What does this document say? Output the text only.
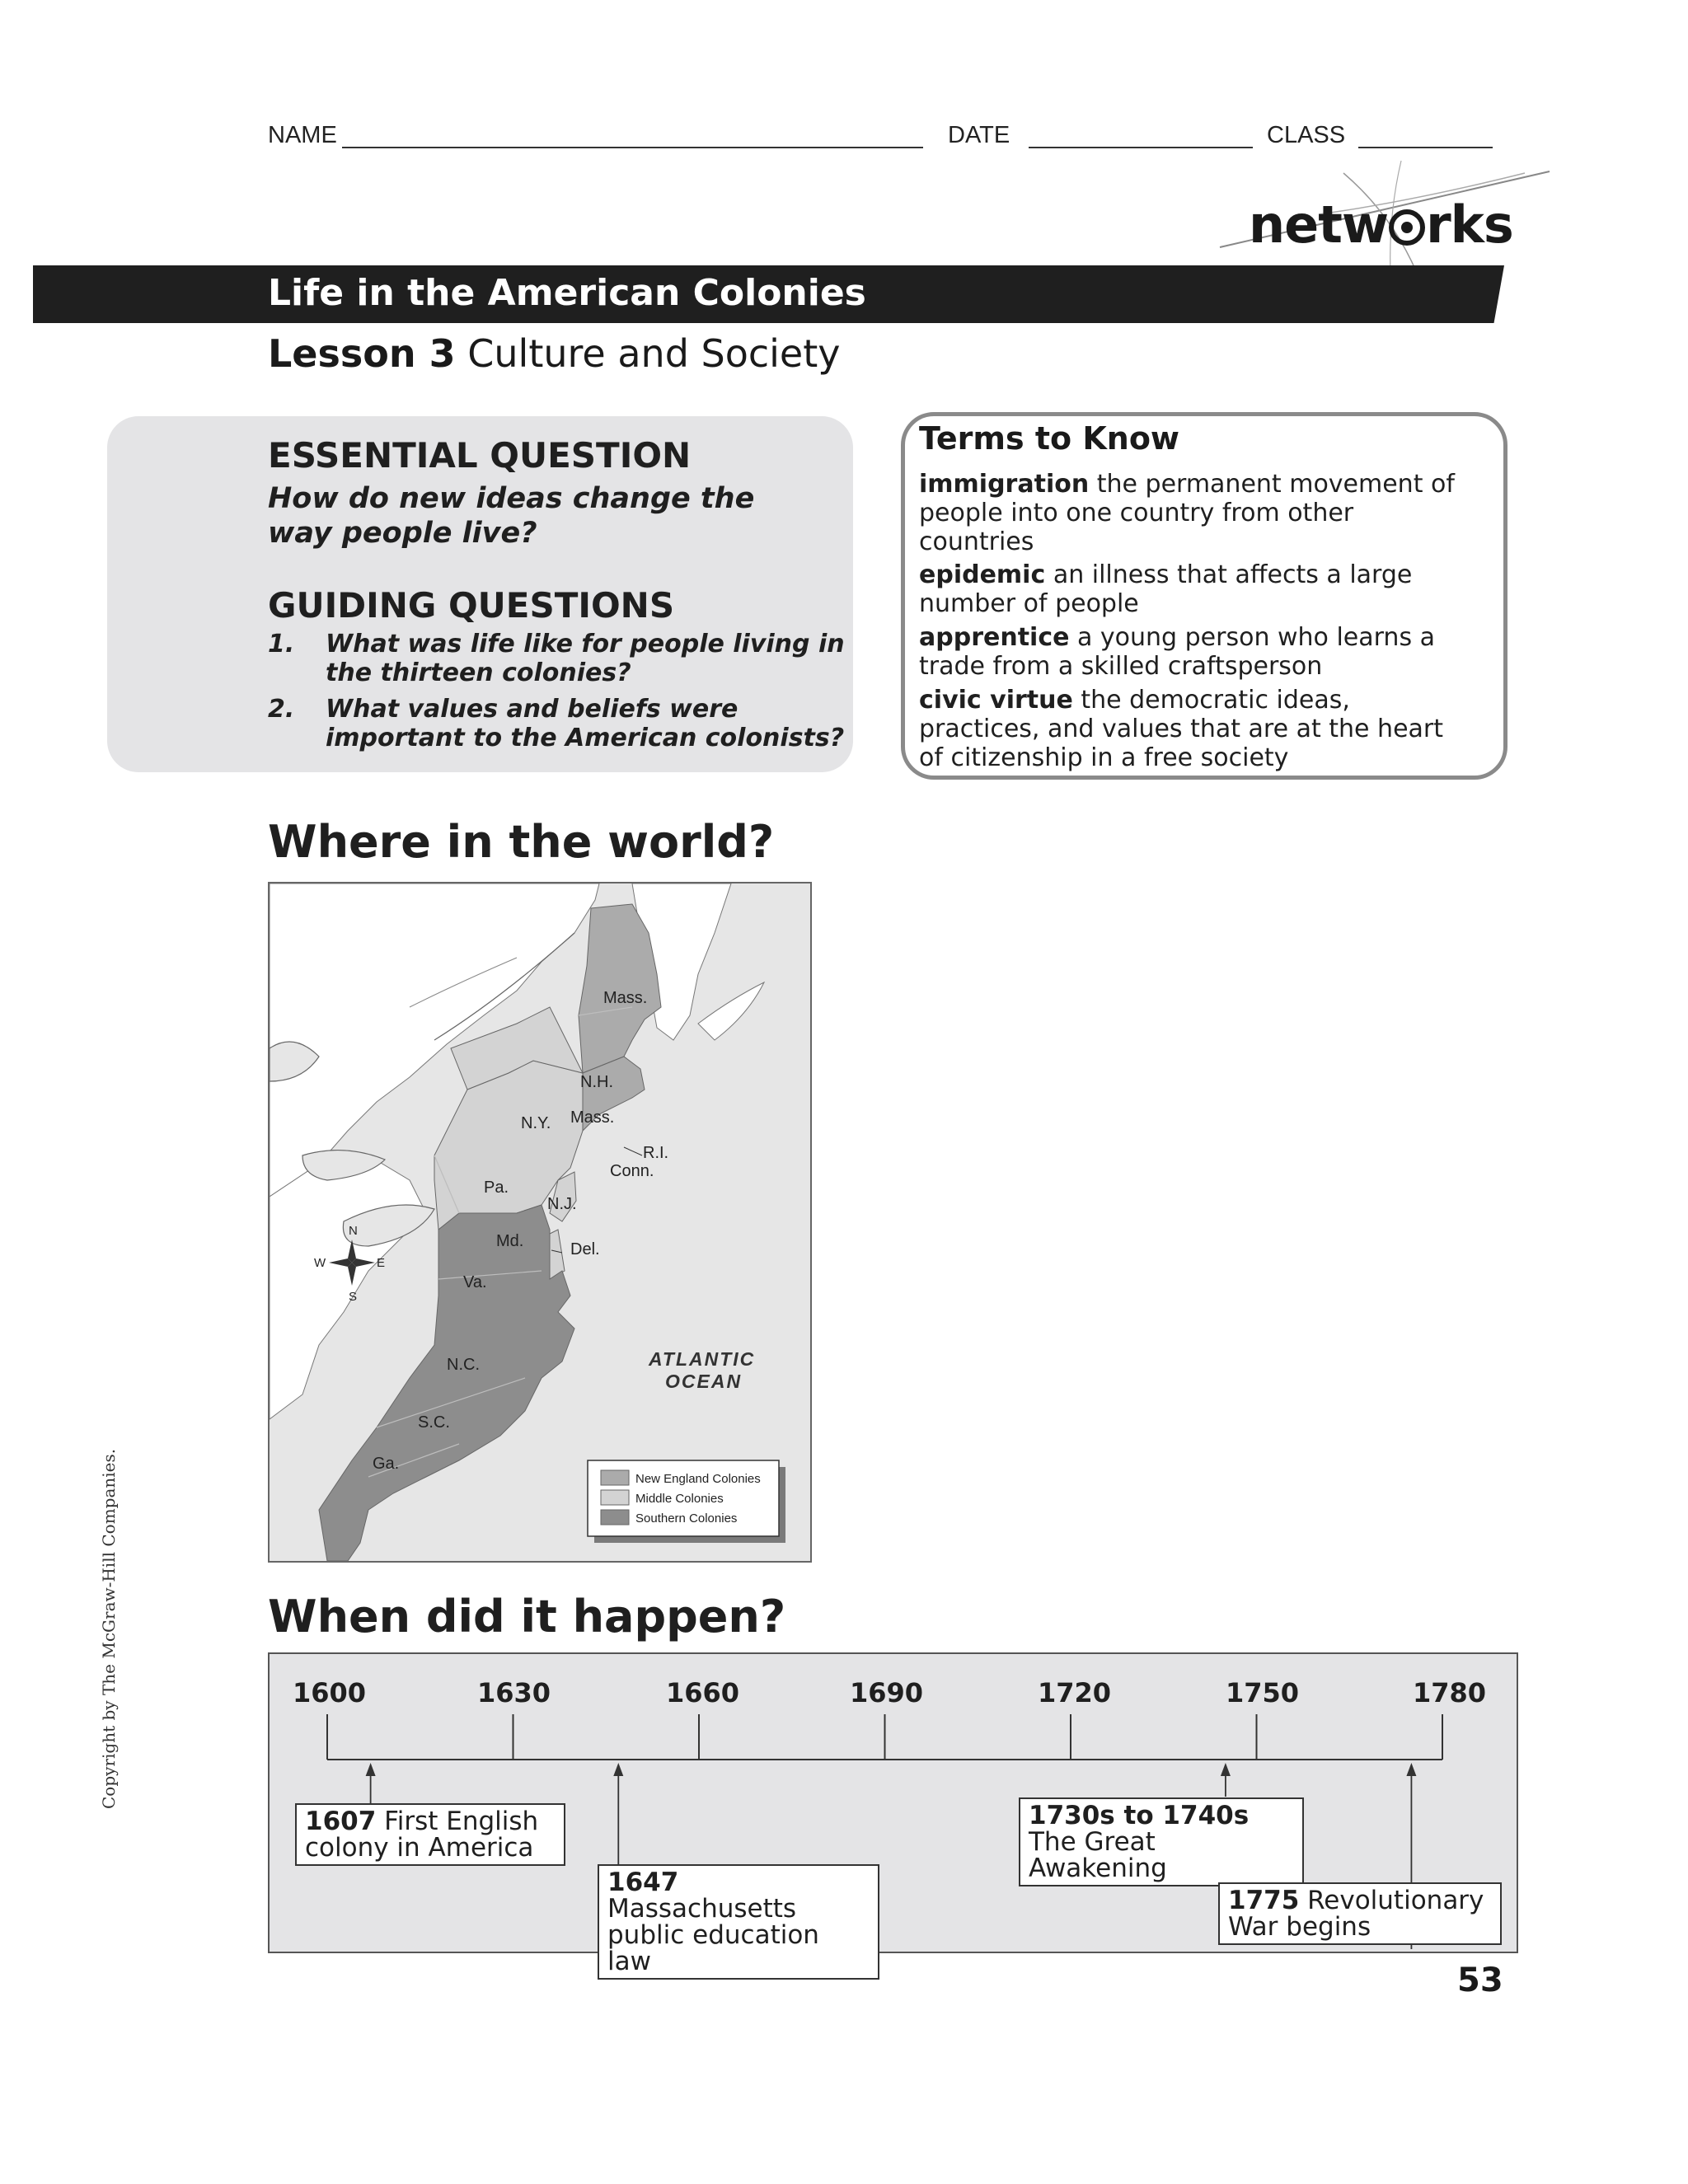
NAME	DATE	CLASS
netw rks
Life in the American Colonies
Lesson 3 Culture and Society
ESSENTIAL QUESTION
How do new ideas change the
way people live?
GUIDING QUESTIONS
1. What was life like for people living in
the thirteen colonies?
2. What values and beliefs were
important to the American colonists?
Terms to Know
immigration the permanent movement of
people into one country from other
countries
epidemic an illness that affects a large
number of people
apprentice a young person who learns a
trade from a skilled craftsperson
civic virtue the democratic ideas,
practices, and values that are at the heart
of citizenship in a free society
Where in the world?
N
S
E
W
Mass.
N.H.
Mass.
N.Y.
R.I.
Conn.
Pa.
N.J.
Md.	Del.
Va.
N.C.
S.C.
Ga.
ATLANTIC
OCEAN
New England Colonies
Middle Colonies
Southern Colonies
Copyright by The McGraw-Hill Companies.	When did it happen?
1600	1630	1660	1690	1720	1750	1780
1607 First English
colony in America
1647 Massachusetts
public education law
1730s to 1740s
The Great Awakening
1775 Revolutionary
War begins
53
